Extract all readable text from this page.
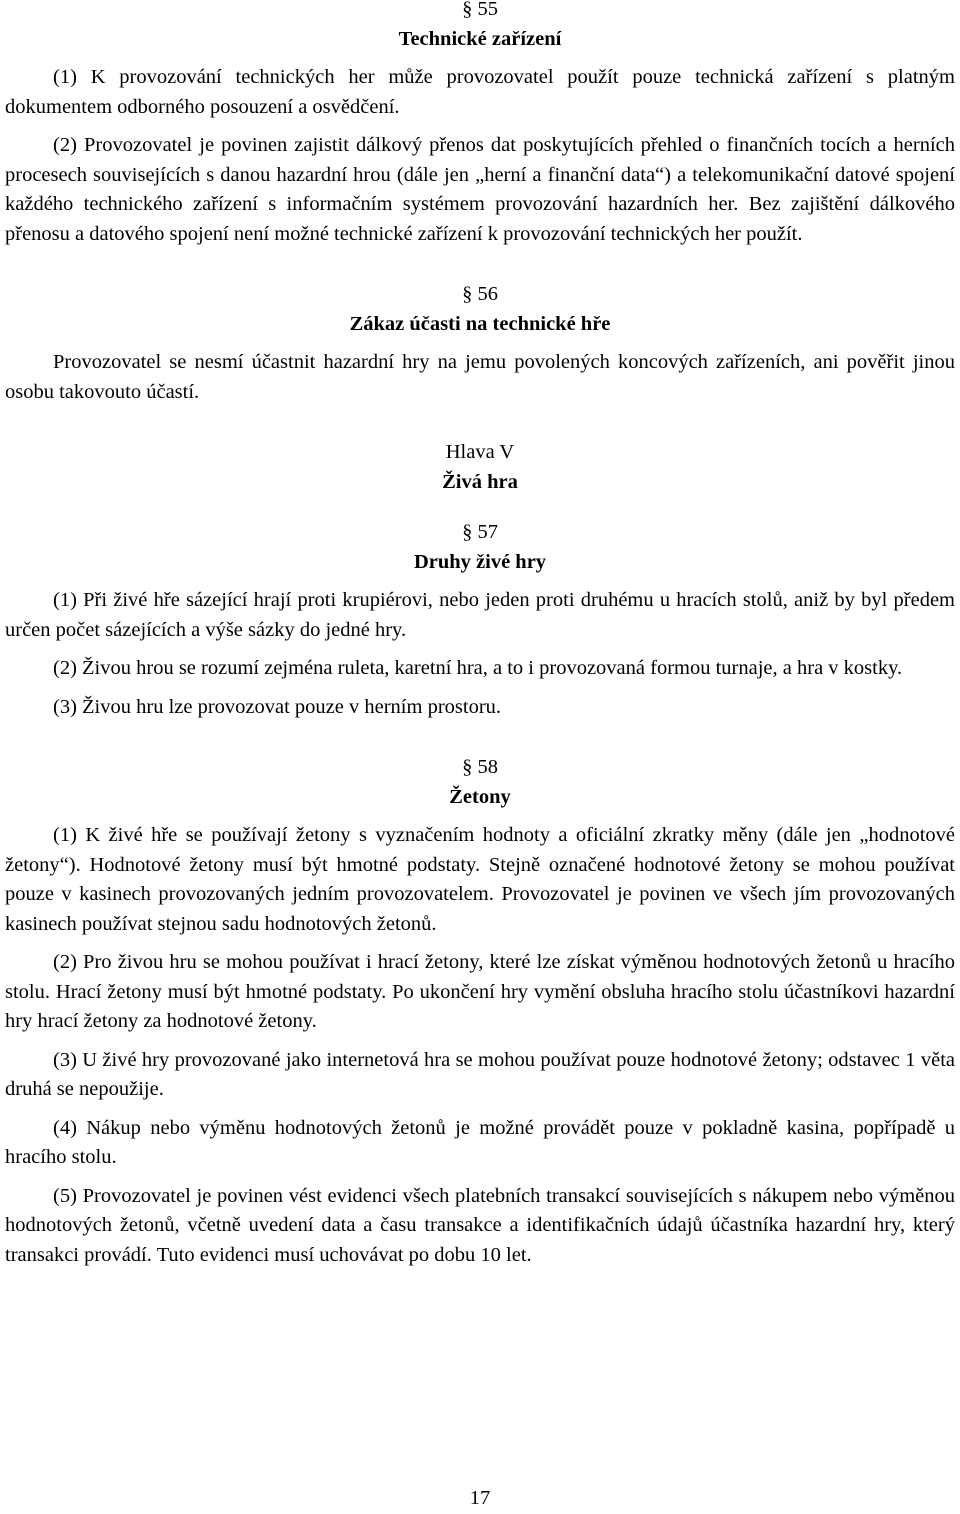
§ 55
Technické zařízení

(1) K provozování technických her může provozovatel použít pouze technická zařízení s platným dokumentem odborného posouzení a osvědčení.

(2) Provozovatel je povinen zajistit dálkový přenos dat poskytujících přehled o finančních tocích a herních procesech souvisejících s danou hazardní hrou (dále jen „herní a finanční data“) a telekomunikační datové spojení každého technického zařízení s informačním systémem provozování hazardních her. Bez zajištění dálkového přenosu a datového spojení není možné technické zařízení k provozování technických her použít.

§ 56
Zákaz účasti na technické hře

Provozovatel se nesmí účastnit hazardní hry na jemu povolených koncových zařízeních, ani pověřit jinou osobu takovouto účastí.

Hlava V
Živá hra
§ 57
Druhy živé hry

(1) Při živé hře sázející hrají proti krupiérovi, nebo jeden proti druhému u hracích stolů, aniž by byl předem určen počet sázejících a výše sázky do jedné hry.

(2) Živou hrou se rozumí zejména ruleta, karetní hra, a to i provozovaná formou turnaje, a hra v kostky.

(3) Živou hru lze provozovat pouze v herním prostoru.

§ 58
Žetony

(1) K živé hře se používají žetony s vyznačením hodnoty a oficiální zkratky měny (dále jen „hodnotové žetony“). Hodnotové žetony musí být hmotné podstaty. Stejně označené hodnotové žetony se mohou používat pouze v kasinech provozovaných jedním provozovatelem. Provozovatel je povinen ve všech jím provozovaných kasinech používat stejnou sadu hodnotových žetonů.

(2) Pro živou hru se mohou používat i hrací žetony, které lze získat výměnou hodnotových žetonů u hracího stolu. Hrací žetony musí být hmotné podstaty. Po ukončení hry vymění obsluha hracího stolu účastníkovi hazardní hry hrací žetony za hodnotové žetony.

(3) U živé hry provozované jako internetová hra se mohou používat pouze hodnotové žetony; odstavec 1 věta druhá se nepoužije.

(4) Nákup nebo výměnu hodnotových žetonů je možné provádět pouze v pokladně kasina, popřípadě u hracího stolu.

(5) Provozovatel je povinen vést evidenci všech platebních transakcí souvisejících s nákupem nebo výměnou hodnotových žetonů, včetně uvedení data a času transakce a identifikačních údajů účastníka hazardní hry, který transakci provádí. Tuto evidenci musí uchovávat po dobu 10 let.

17
